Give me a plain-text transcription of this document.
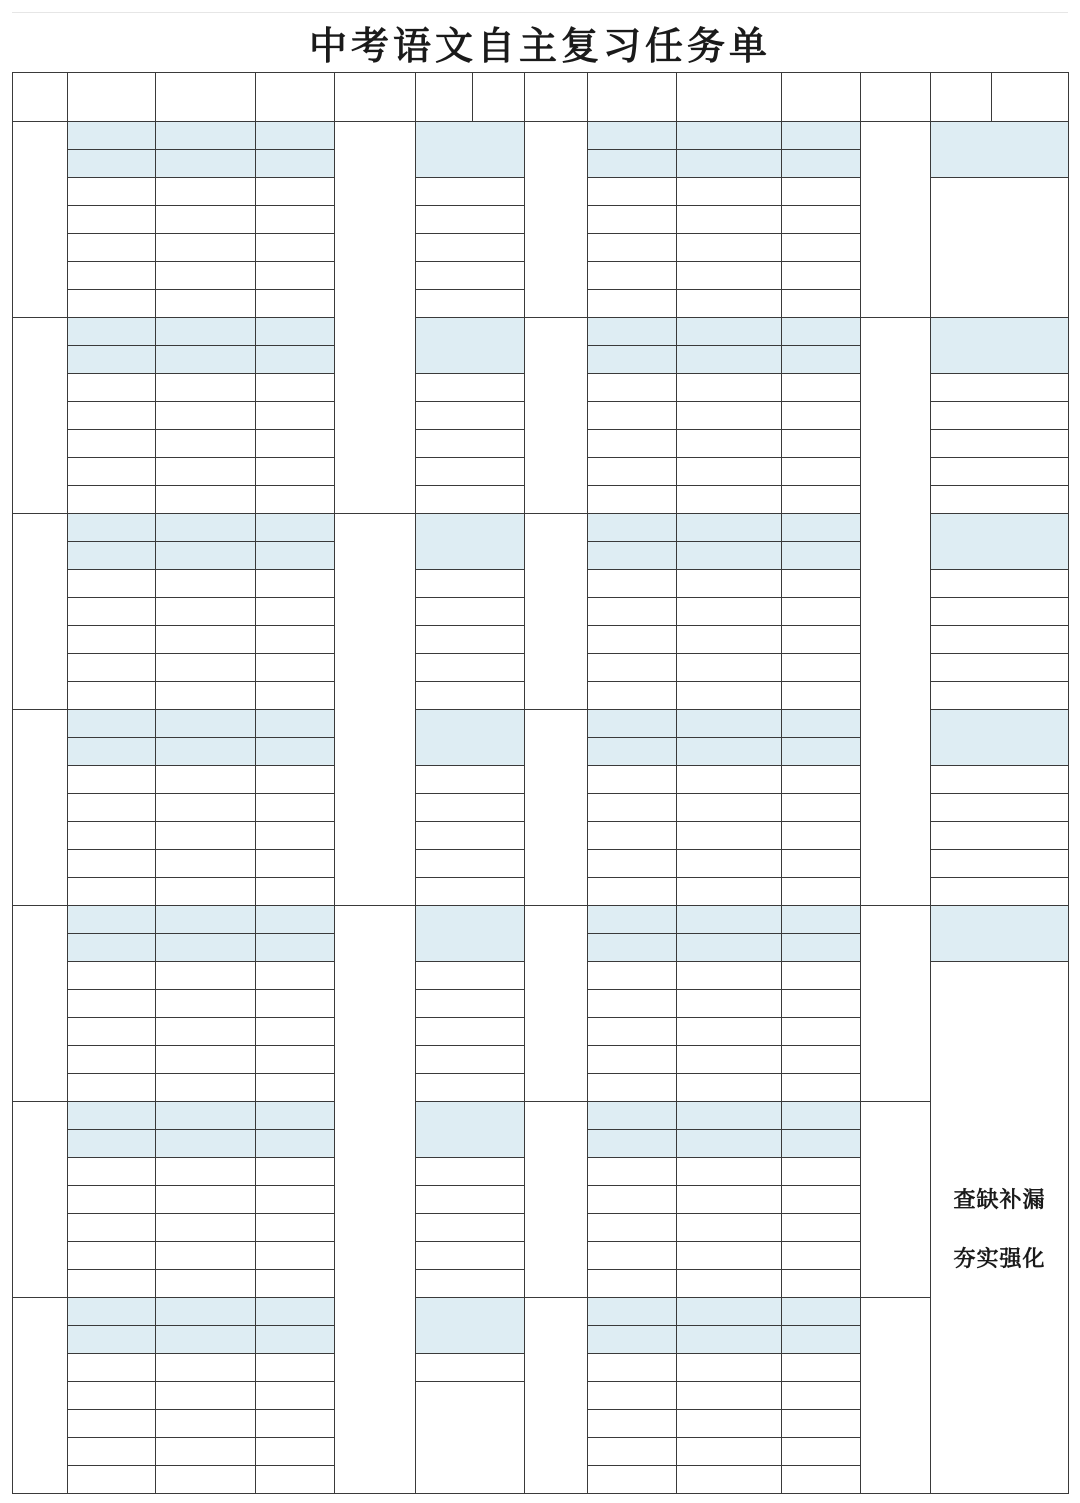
中考语文自主复习任务单
查缺补漏
夯实强化
